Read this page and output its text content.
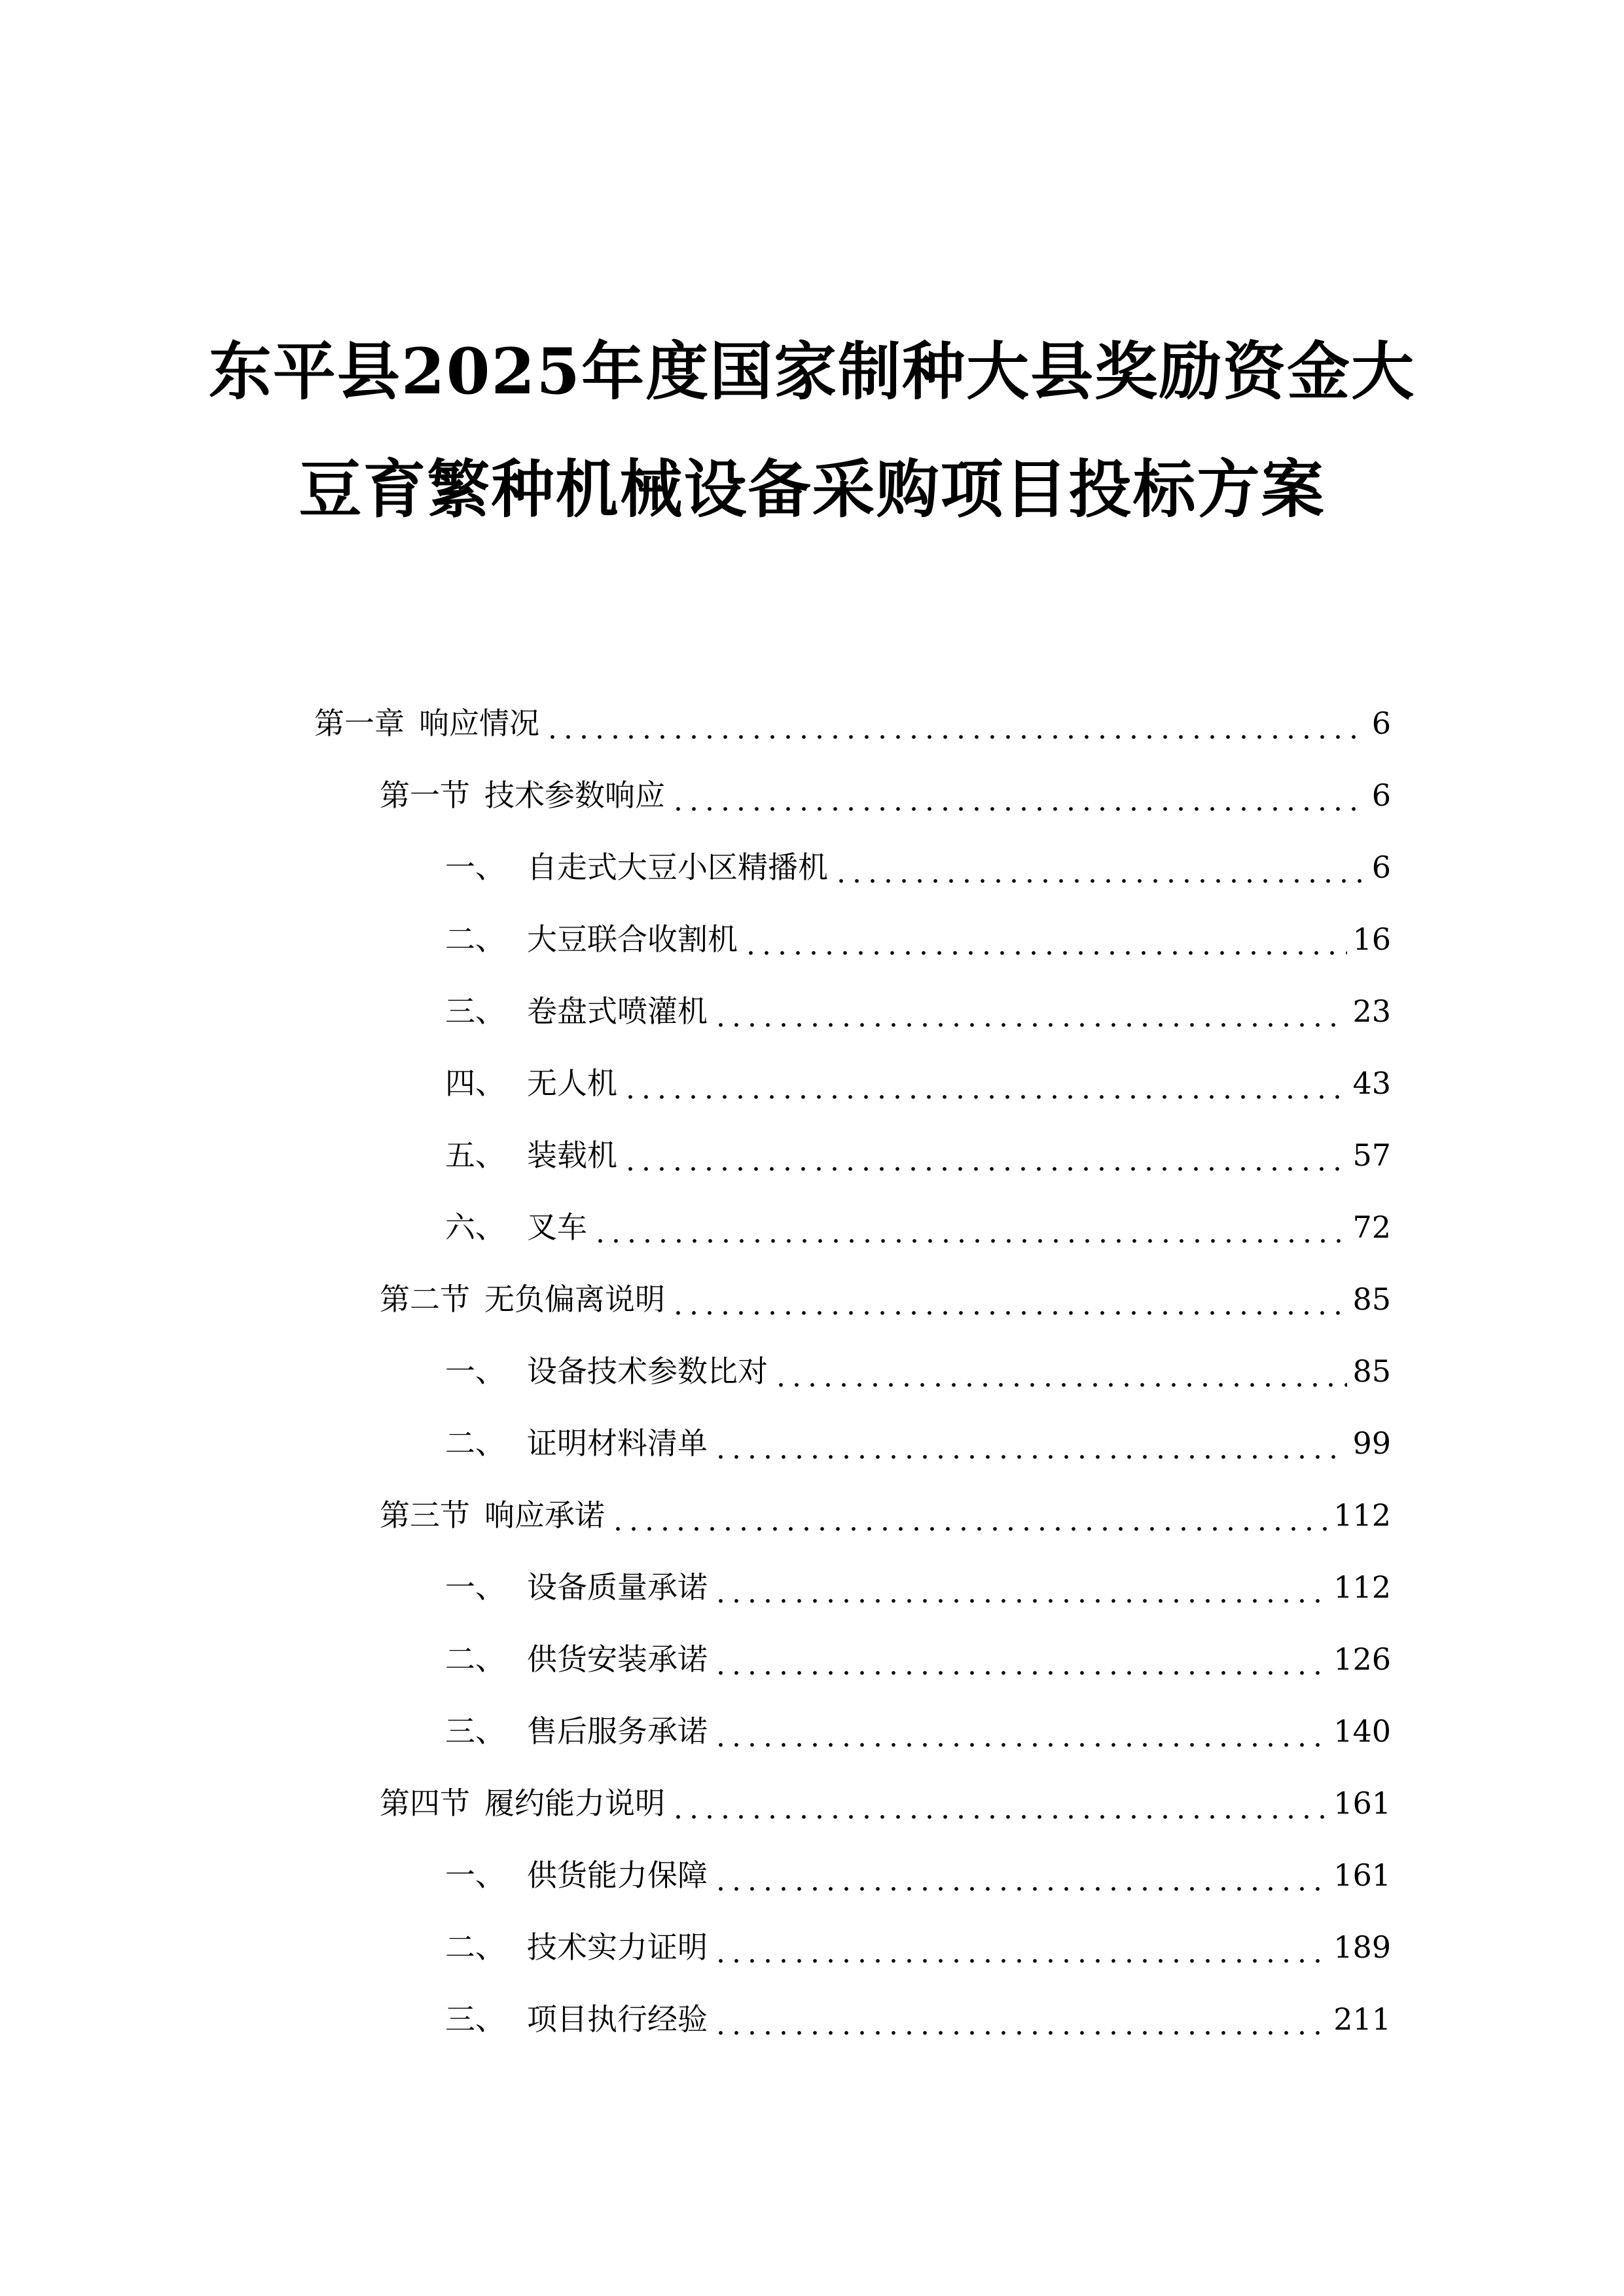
东平县2025年度国家制种大县奖励资金大
豆育繁种机械设备采购项目投标方案
第一章 响应情况	6
第一节 技术参数响应	6
一、 自走式大豆小区精播机	6
二、 大豆联合收割机	16
三、 卷盘式喷灌机	23
四、 无人机	43
五、 装载机	57
六、 叉车	72
第二节 无负偏离说明	85
一、 设备技术参数比对	85
二、 证明材料清单	99
第三节 响应承诺	112
一、 设备质量承诺	112
二、 供货安装承诺	126
三、 售后服务承诺	140
第四节 履约能力说明	161
一、 供货能力保障	161
二、 技术实力证明	189
三、 项目执行经验	211
